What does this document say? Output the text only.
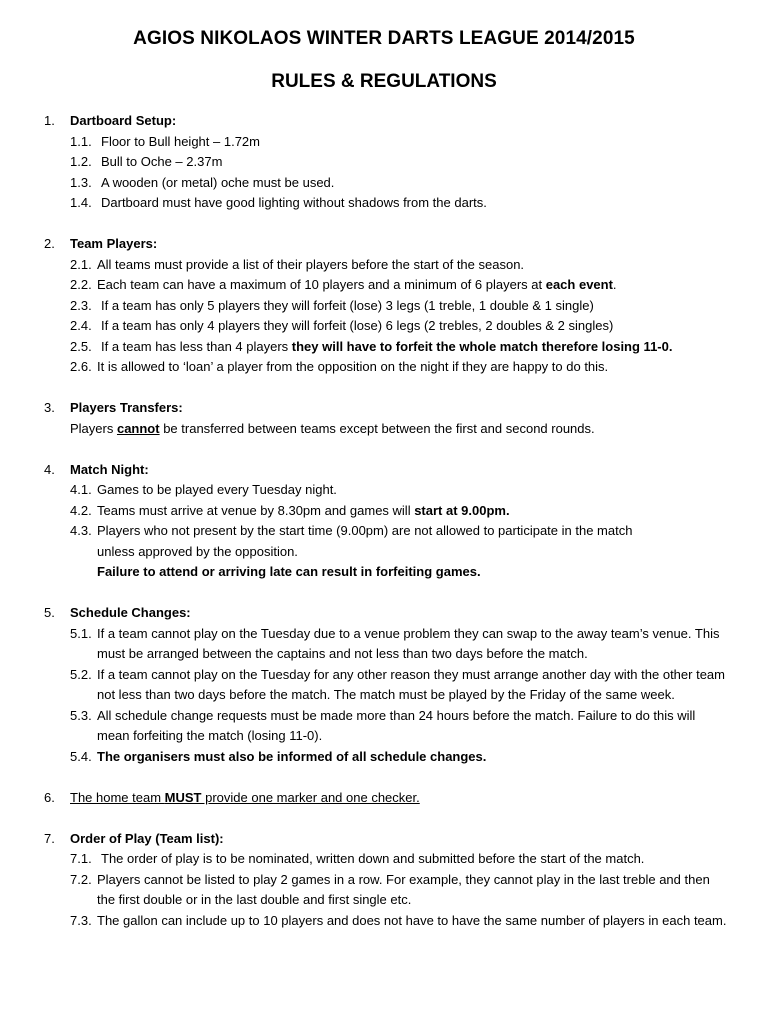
AGIOS NIKOLAOS WINTER DARTS LEAGUE 2014/2015
RULES & REGULATIONS
1. Dartboard Setup:
1.1. Floor to Bull height – 1.72m
1.2. Bull to Oche – 2.37m
1.3. A wooden (or metal) oche must be used.
1.4. Dartboard must have good lighting without shadows from the darts.
2. Team Players:
2.1. All teams must provide a list of their players before the start of the season.
2.2. Each team can have a maximum of 10 players and a minimum of 6 players at each event.
2.3. If a team has only 5 players they will forfeit (lose) 3 legs (1 treble, 1 double & 1 single)
2.4. If a team has only 4 players they will forfeit (lose) 6 legs (2 trebles, 2 doubles & 2 singles)
2.5. If a team has less than 4 players they will have to forfeit the whole match therefore losing 11-0.
2.6. It is allowed to ‘loan’ a player from the opposition on the night if they are happy to do this.
3. Players Transfers:
Players cannot be transferred between teams except between the first and second rounds.
4. Match Night:
4.1. Games to be played every Tuesday night.
4.2. Teams must arrive at venue by 8.30pm and games will start at 9.00pm.
4.3. Players who not present by the start time (9.00pm) are not allowed to participate in the match
unless approved by the opposition.
Failure to attend or arriving late can result in forfeiting games.
5. Schedule Changes:
5.1. If a team cannot play on the Tuesday due to a venue problem they can swap to the away team’s venue. This must be arranged between the captains and not less than two days before the match.
5.2. If a team cannot play on the Tuesday for any other reason they must arrange another day with the other team not less than two days before the match. The match must be played by the Friday of the same week.
5.3. All schedule change requests must be made more than 24 hours before the match. Failure to do this will mean forfeiting the match (losing 11-0).
5.4. The organisers must also be informed of all schedule changes.
6. The home team MUST provide one marker and one checker.
7. Order of Play (Team list):
7.1. The order of play is to be nominated, written down and submitted before the start of the match.
7.2. Players cannot be listed to play 2 games in a row. For example, they cannot play in the last treble and then the first double or in the last double and first single etc.
7.3. The gallon can include up to 10 players and does not have to have the same number of players in each team.
